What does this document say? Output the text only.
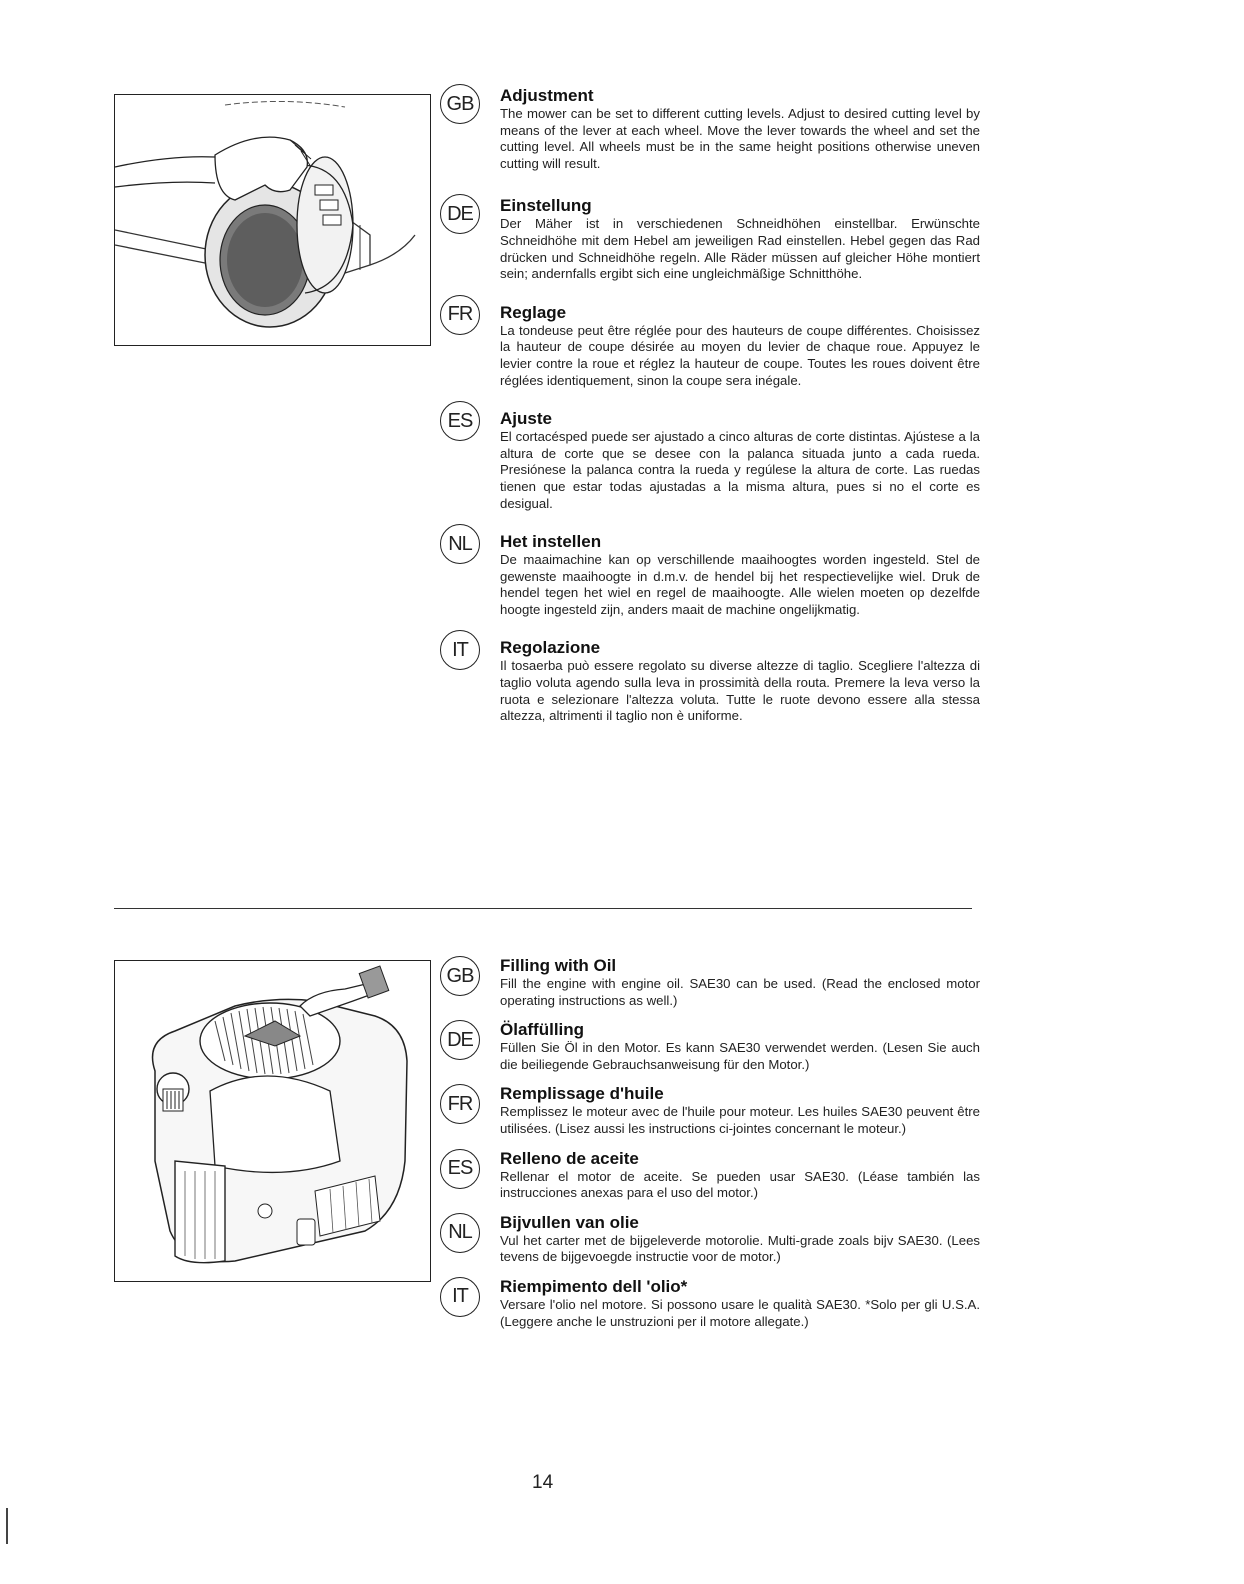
GB	Adjustment

The mower can be set to different cutting levels. Adjust to desired cutting level by means of the lever at each wheel. Move the lever towards the wheel and set the cutting level. All wheels must be in the same height positions otherwise uneven cutting will result.

DE	Einstellung

Der Mäher ist in verschiedenen Schneidhöhen einstellbar. Erwünschte Schneidhöhe mit dem Hebel am jeweiligen Rad einstellen. Hebel gegen das Rad drücken und Schneidhöhe regeln. Alle Räder müssen auf gleicher Höhe montiert sein; andernfalls ergibt sich eine ungleichmäßige Schnitthöhe.

FR	Reglage

La tondeuse peut être réglée pour des hauteurs de coupe différentes. Choisissez la hauteur de coupe désirée au moyen du levier de chaque roue. Appuyez le levier contre la roue et réglez la hauteur de coupe. Toutes les roues doivent être réglées identiquement, sinon la coupe sera inégale.

ES	Ajuste

El cortacésped puede ser ajustado a cinco alturas de corte distintas. Ajústese a la altura de corte que se desee con la palanca situada junto a cada rueda. Presiónese la palanca contra la rueda y regúlese la altura de corte. Las ruedas tienen que estar todas ajustadas a la misma altura, pues si no el corte es desigual.

NL	Het instellen

De maaimachine kan op verschillende maaihoogtes worden ingesteld. Stel de gewenste maaihoogte in d.m.v. de hendel bij het respectievelijke wiel. Druk de hendel tegen het wiel en regel de maaihoogte. Alle wielen moeten op dezelfde hoogte ingesteld zijn, anders maait de machine ongelijkmatig.

IT	Regolazione

Il tosaerba può essere regolato su diverse altezze di taglio. Scegliere l'altezza di taglio voluta agendo sulla leva in prossimità della routa. Premere la leva verso la ruota e selezionare l'altezza voluta. Tutte le ruote devono essere alla stessa altezza, altrimenti il taglio non è uniforme.

GB	Filling with Oil

Fill the engine with engine oil. SAE30 can be used. (Read the enclosed motor operating instructions as well.)

DE	Ölaffülling

Füllen Sie Öl in den Motor. Es kann SAE30 verwendet werden. (Lesen Sie auch die beiliegende Gebrauchsanweisung für den Motor.)

FR	Remplissage d'huile

Remplissez le moteur avec de l'huile pour moteur. Les huiles SAE30 peuvent être utilisées. (Lisez aussi les instructions ci-jointes concernant le moteur.)

ES	Relleno de aceite

Rellenar el motor de aceite. Se pueden usar SAE30. (Léase también las instrucciones anexas para el uso del motor.)

NL	Bijvullen van olie

Vul het carter met de bijgeleverde motorolie. Multi-grade zoals bijv SAE30. (Lees tevens de bijgevoegde instructie voor de motor.)

IT	Riempimento dell 'olio*

Versare l'olio nel motore. Si possono usare le qualità SAE30. *Solo per gli U.S.A. (Leggere anche le unstruzioni per il motore allegate.)

14
